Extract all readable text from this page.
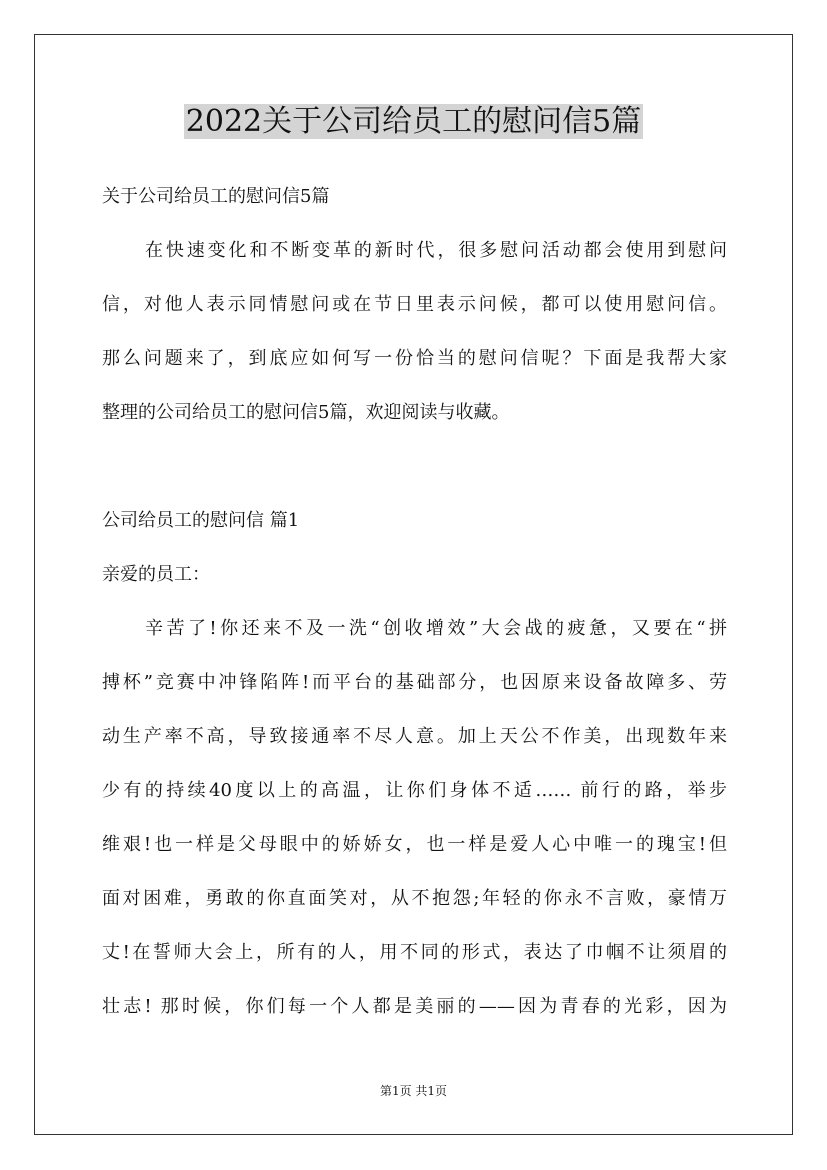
2022关于公司给员工的慰问信5篇
关于公司给员工的慰问信5篇
在快速变化和不断变革的新时代，很多慰问活动都会使用到慰问
信，对他人表示同情慰问或在节日里表示问候，都可以使用慰问信。
那么问题来了，到底应如何写一份恰当的慰问信呢？下面是我帮大家
整理的公司给员工的慰问信5篇，欢迎阅读与收藏。
公司给员工的慰问信 篇1
亲爱的员工：
辛苦了!你还来不及一洗“创收增效”大会战的疲惫，又要在“拼
搏杯”竞赛中冲锋陷阵!而平台的基础部分，也因原来设备故障多、劳
动生产率不高，导致接通率不尽人意。加上天公不作美，出现数年来
少有的持续40度以上的高温，让你们身体不适…… 前行的路，举步
维艰!也一样是父母眼中的娇娇女，也一样是爱人心中唯一的瑰宝!但
面对困难，勇敢的你直面笑对，从不抱怨;年轻的你永不言败，豪情万
丈!在誓师大会上，所有的人，用不同的形式，表达了巾帼不让须眉的
壮志! 那时候，你们每一个人都是美丽的——因为青春的光彩，因为
第1页 共1页
